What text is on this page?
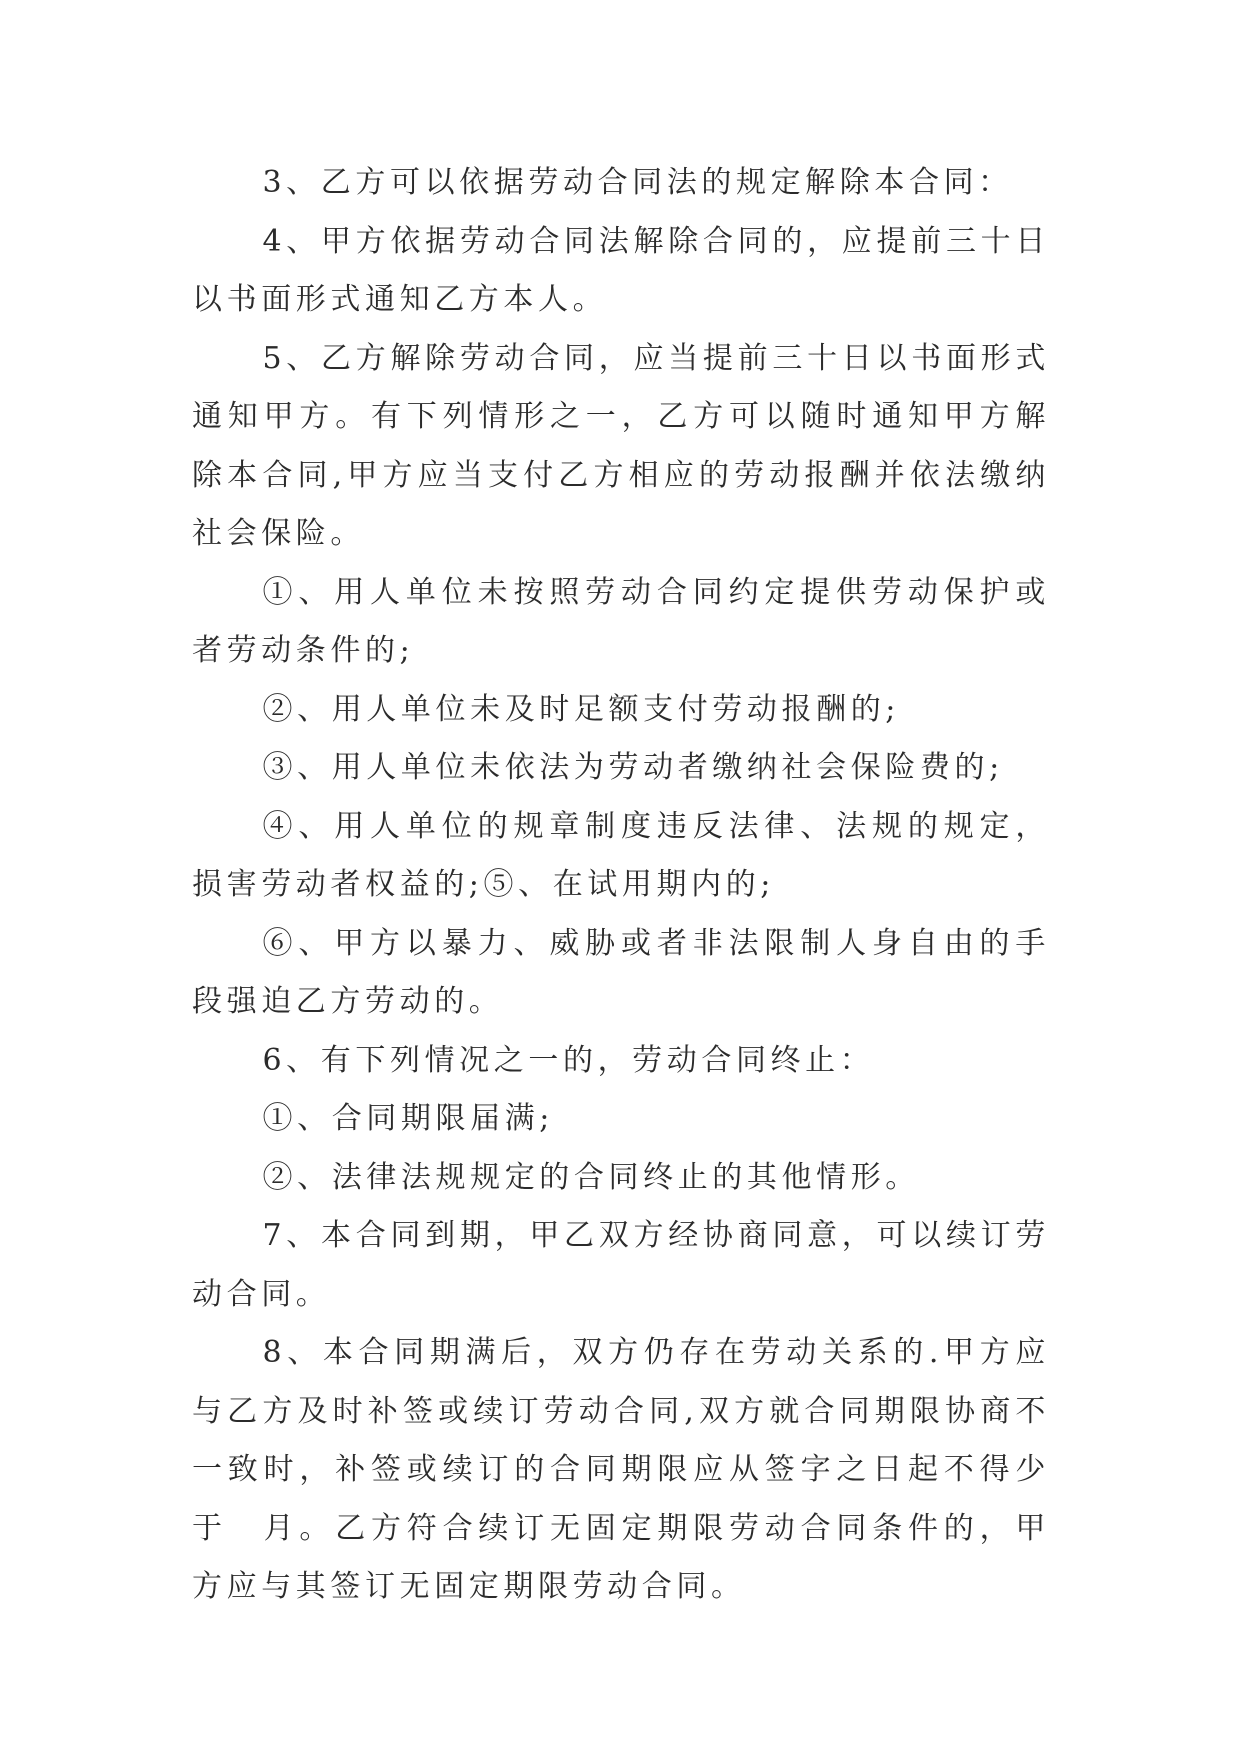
3、乙方可以依据劳动合同法的规定解除本合同：

4、甲方依据劳动合同法解除合同的，应提前三十日以书面形式通知乙方本人。

5、乙方解除劳动合同，应当提前三十日以书面形式通知甲方。有下列情形之一，乙方可以随时通知甲方解除本合同,甲方应当支付乙方相应的劳动报酬并依法缴纳社会保险。

①、用人单位未按照劳动合同约定提供劳动保护或者劳动条件的;

②、用人单位未及时足额支付劳动报酬的;

③、用人单位未依法为劳动者缴纳社会保险费的;

④、用人单位的规章制度违反法律、法规的规定，损害劳动者权益的;⑤、在试用期内的;

⑥、甲方以暴力、威胁或者非法限制人身自由的手段强迫乙方劳动的。

6、有下列情况之一的，劳动合同终止：

①、合同期限届满;

②、法律法规规定的合同终止的其他情形。

7、本合同到期，甲乙双方经协商同意，可以续订劳动合同。

8、本合同期满后，双方仍存在劳动关系的.甲方应与乙方及时补签或续订劳动合同,双方就合同期限协商不一致时，补签或续订的合同期限应从签字之日起不得少于　月。乙方符合续订无固定期限劳动合同条件的，甲方应与其签订无固定期限劳动合同。
